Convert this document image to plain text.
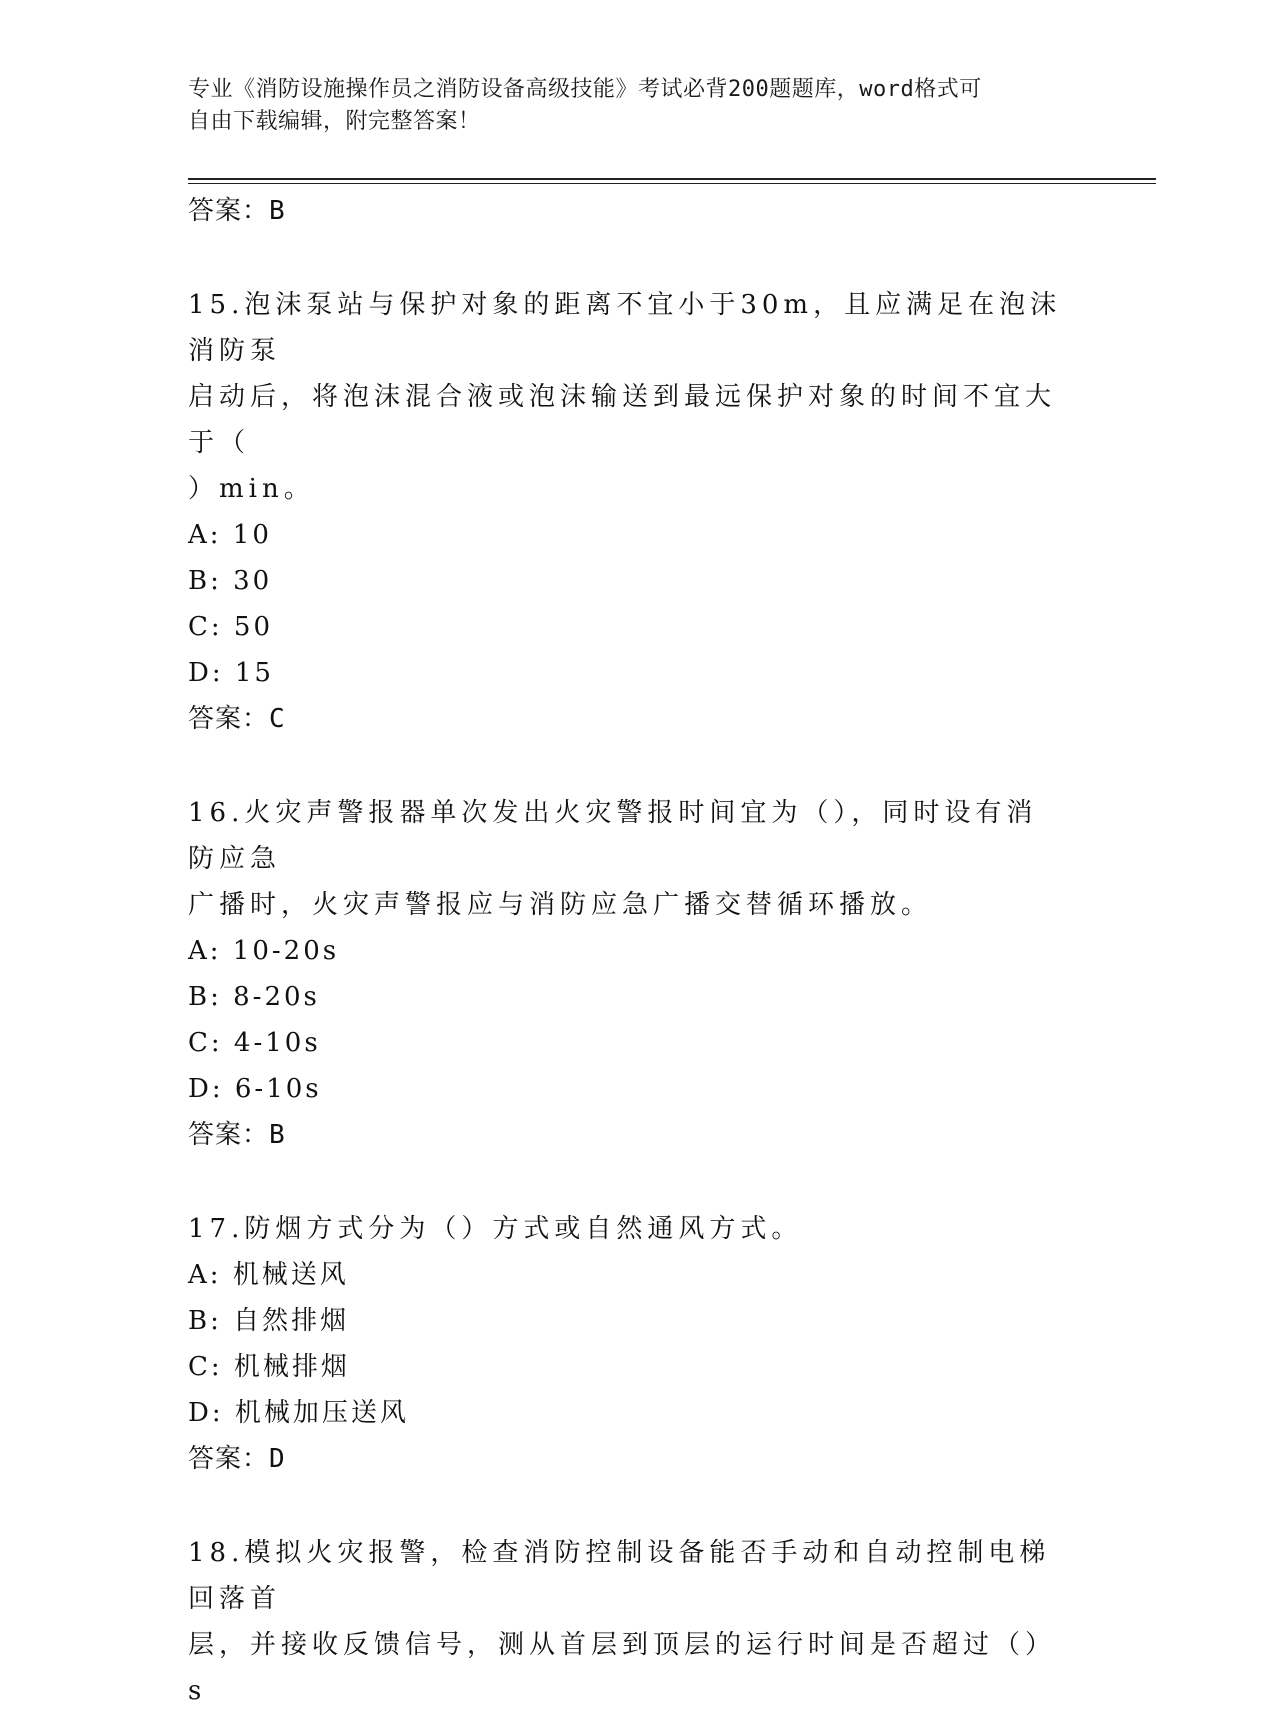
专业《消防设施操作员之消防设备高级技能》考试必背200题题库，word格式可
自由下载编辑，附完整答案！
答案：B
15.泡沫泵站与保护对象的距离不宜小于30m，且应满足在泡沫消防泵
启动后，将泡沫混合液或泡沫输送到最远保护对象的时间不宜大于（
）min。
A: 10
B: 30
C: 50
D: 15
答案：C
16.火灾声警报器单次发出火灾警报时间宜为（），同时设有消防应急
广播时，火灾声警报应与消防应急广播交替循环播放。
A: 10-20s
B: 8-20s
C: 4-10s
D: 6-10s
答案：B
17.防烟方式分为（）方式或自然通风方式。
A: 机械送风
B: 自然排烟
C: 机械排烟
D: 机械加压送风
答案：D
18.模拟火灾报警，检查消防控制设备能否手动和自动控制电梯回落首
层，并接收反馈信号，测从首层到顶层的运行时间是否超过（）s
